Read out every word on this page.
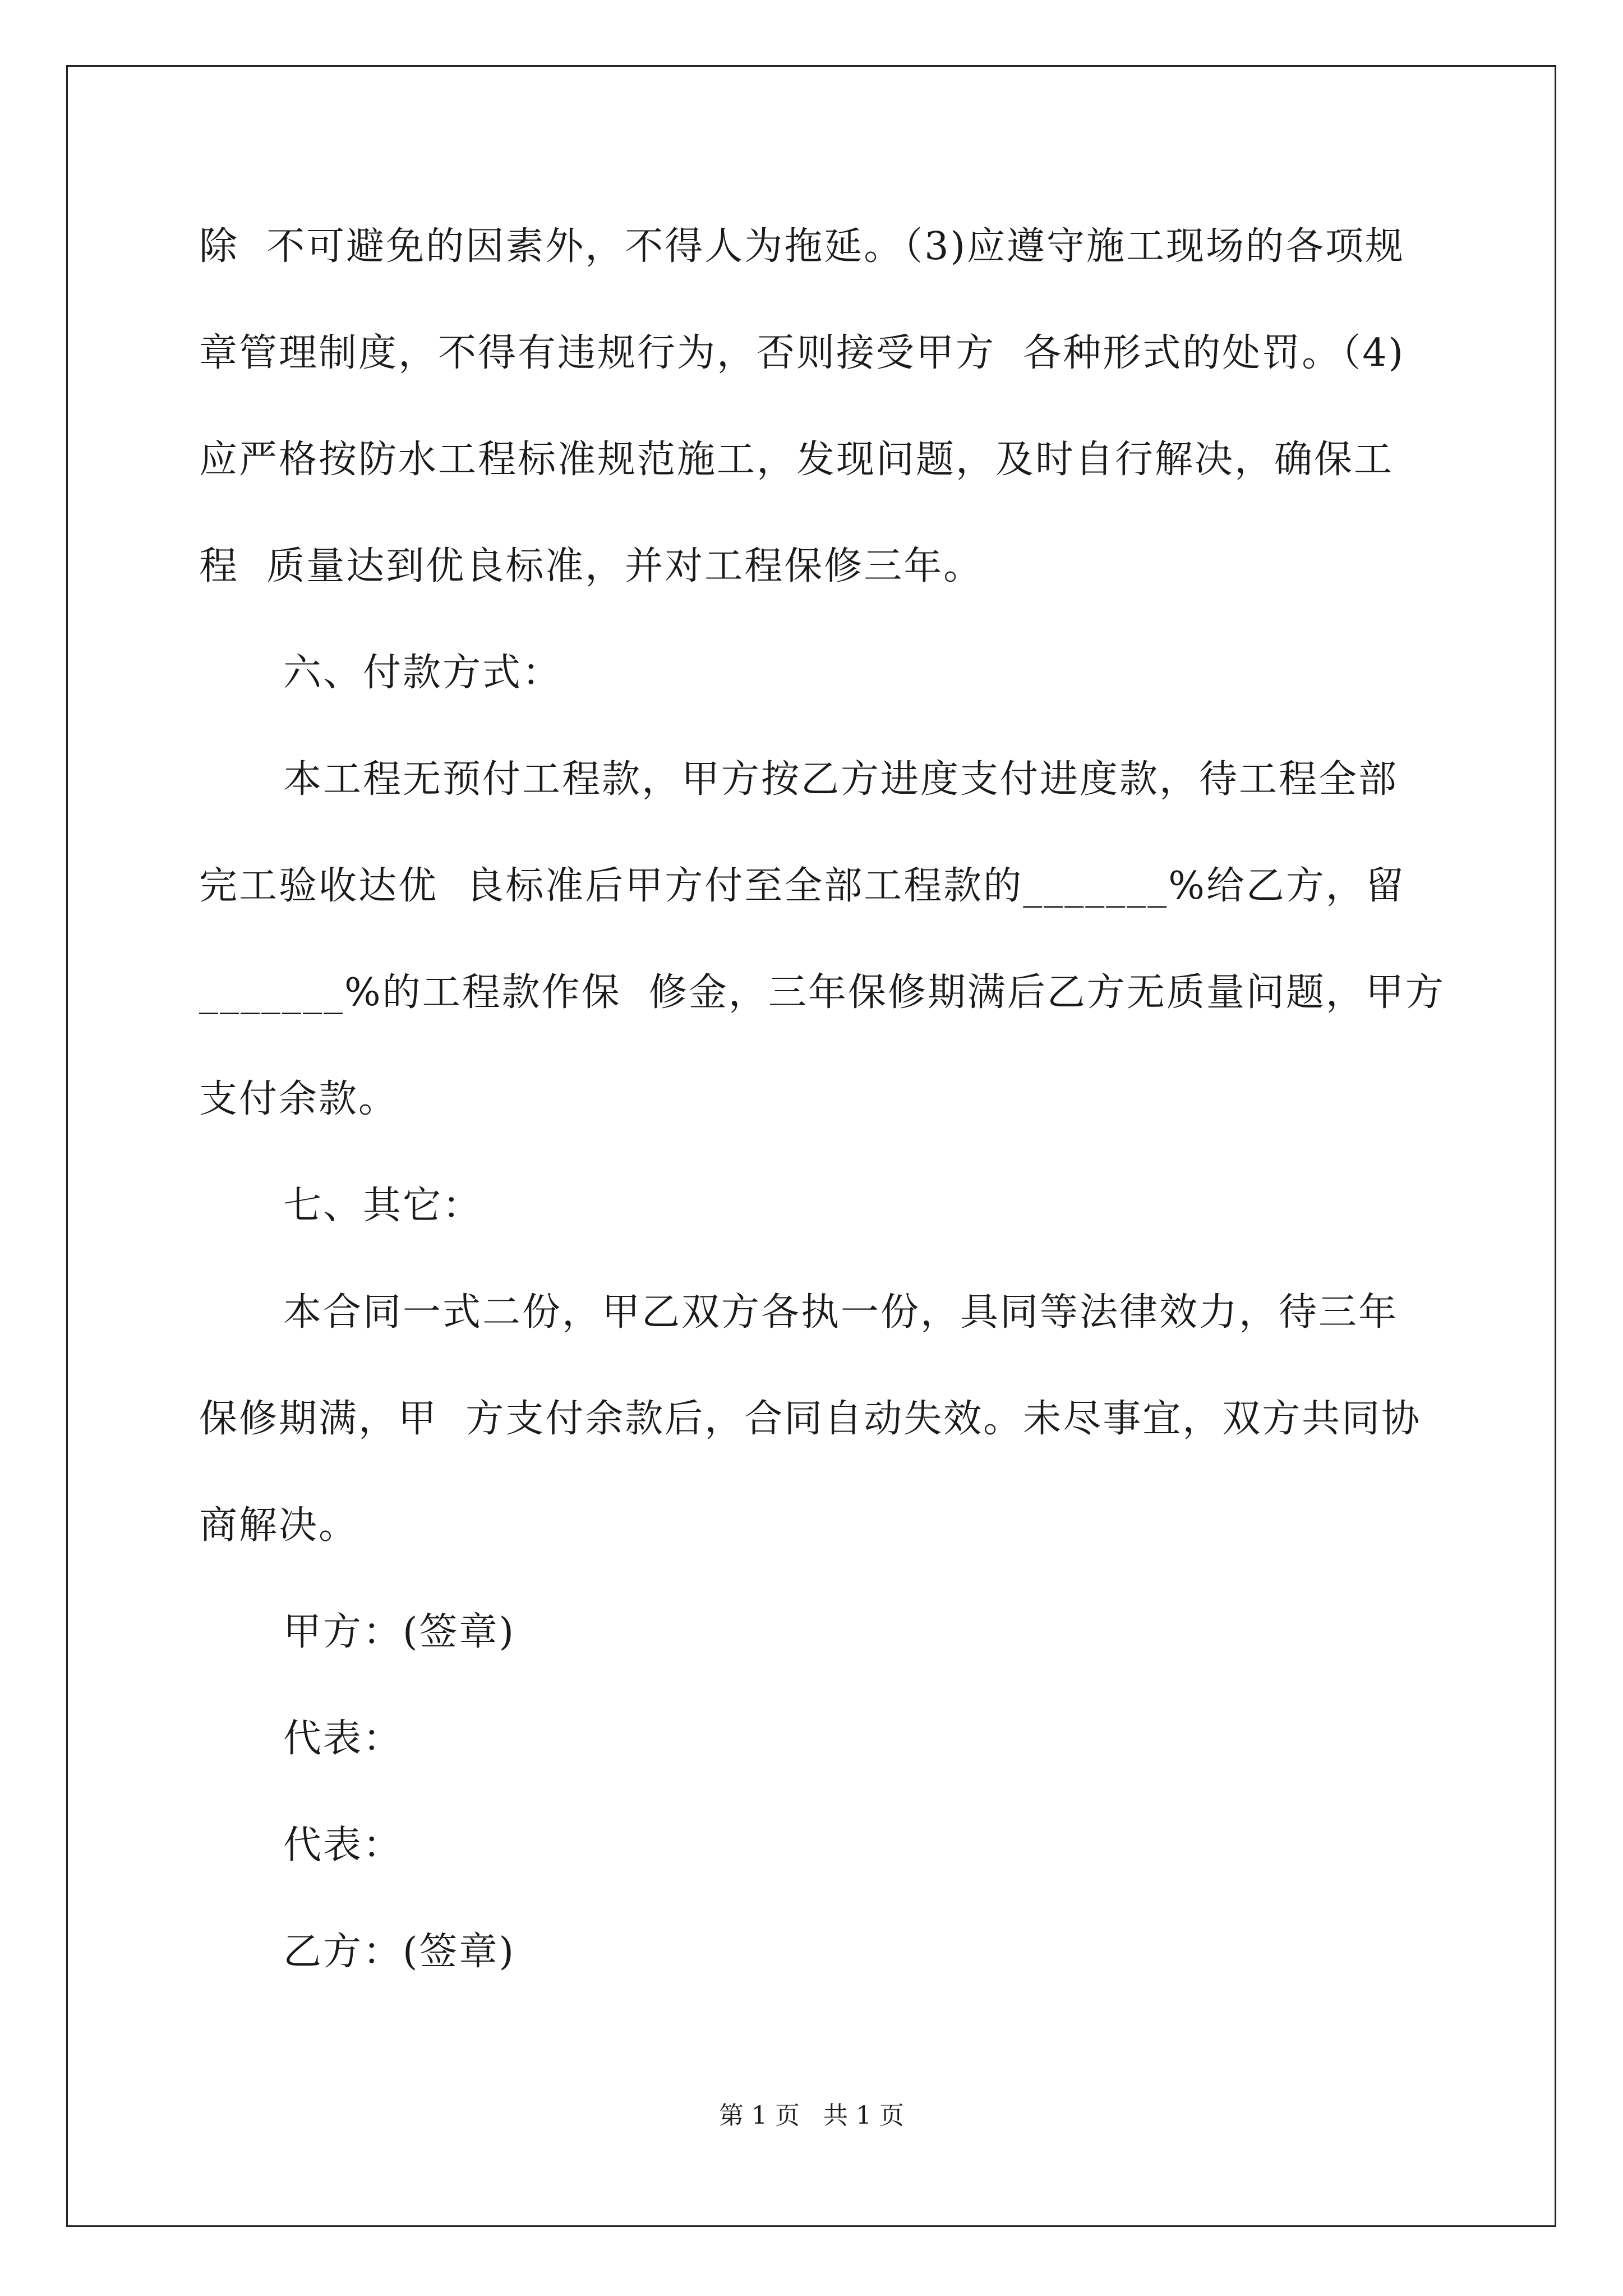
除  不可避免的因素外，不得人为拖延。（3)应遵守施工现场的各项规
章管理制度，不得有违规行为，否则接受甲方  各种形式的处罚。（4)
应严格按防水工程标准规范施工，发现问题，及时自行解决，确保工
程  质量达到优良标准，并对工程保修三年。
六、付款方式：
本工程无预付工程款，甲方按乙方进度支付进度款，待工程全部
完工验收达优  良标准后甲方付至全部工程款的_______%给乙方，留
_______%的工程款作保  修金，三年保修期满后乙方无质量问题，甲方
支付余款。
七、其它：
本合同一式二份，甲乙双方各执一份，具同等法律效力，待三年
保修期满，甲  方支付余款后，合同自动失效。未尽事宜，双方共同协
商解决。
甲方：(签章)
代表：
代表：
乙方：(签章)
第 1 页   共 1 页
